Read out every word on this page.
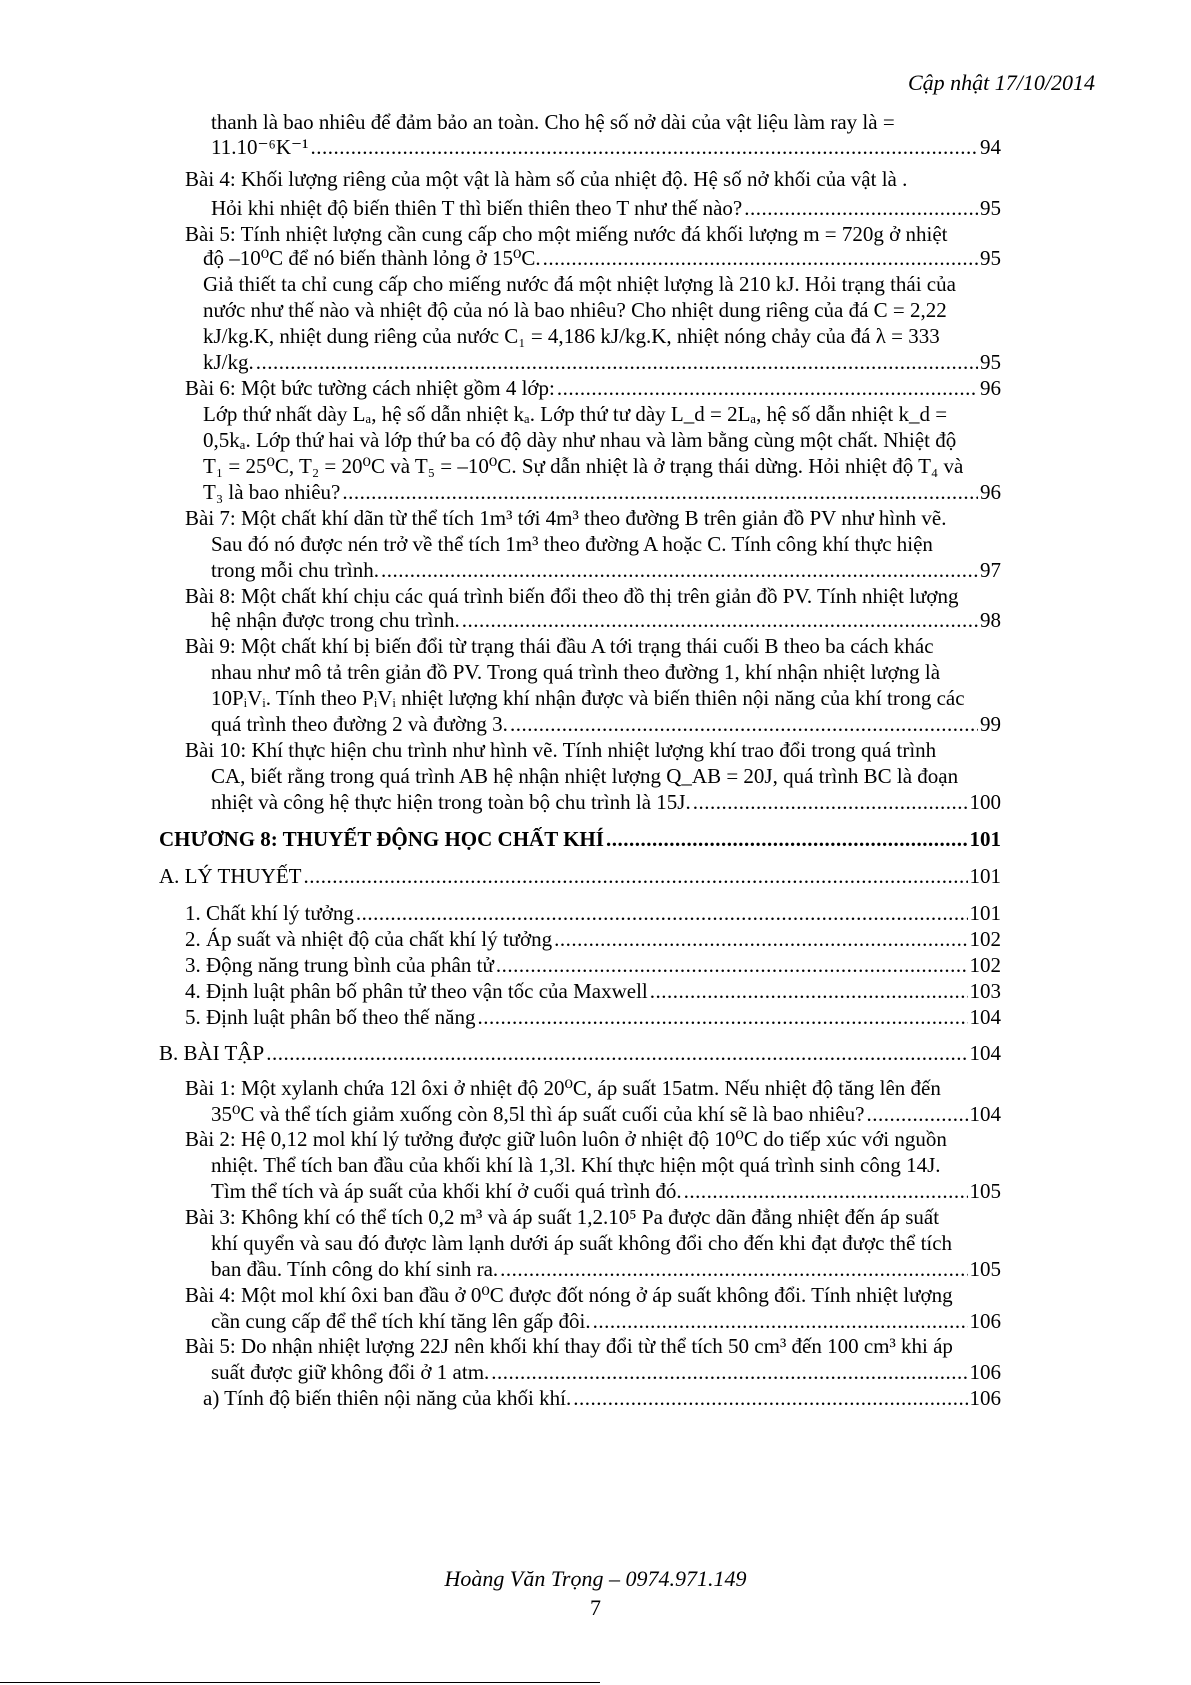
Cập nhật 17/10/2014
thanh là bao nhiêu để đảm bảo an toàn. Cho hệ số nở dài của vật liệu làm ray là =
11.10⁻⁶K⁻¹ .....	94
Bài 4: Khối lượng riêng của một vật là hàm số của nhiệt độ. Hệ số nở khối của vật là .
Hỏi khi nhiệt độ biến thiên T thì biến thiên theo T như thế nào? .....	95
Bài 5: Tính nhiệt lượng cần cung cấp cho một miếng nước đá khối lượng m = 720g ở nhiệt
độ –10⁰C để nó biến thành lỏng ở 15⁰C. .....	95
Giả thiết ta chỉ cung cấp cho miếng nước đá một nhiệt lượng là 210 kJ. Hỏi trạng thái của
nước như thế nào và nhiệt độ của nó là bao nhiêu? Cho nhiệt dung riêng của đá C = 2,22
kJ/kg.K, nhiệt dung riêng của nước C₁ = 4,186 kJ/kg.K, nhiệt nóng chảy của đá λ = 333
kJ/kg. .....	95
Bài 6: Một bức tường cách nhiệt gồm 4 lớp: .....	96
Lớp thứ nhất dày Lₐ, hệ số dẫn nhiệt kₐ. Lớp thứ tư dày L_d = 2Lₐ, hệ số dẫn nhiệt k_d =
0,5kₐ. Lớp thứ hai và lớp thứ ba có độ dày như nhau và làm bằng cùng một chất. Nhiệt độ
T₁ = 25⁰C, T₂ = 20⁰C và T₅ = –10⁰C. Sự dẫn nhiệt là ở trạng thái dừng. Hỏi nhiệt độ T₄ và
T₃ là bao nhiêu? .....	96
Bài 7: Một chất khí dãn từ thể tích 1m³ tới 4m³ theo đường B trên giản đồ PV như hình vẽ.
Sau đó nó được nén trở về thể tích 1m³ theo đường A hoặc C. Tính công khí thực hiện
trong mỗi chu trình. .....	97
Bài 8: Một chất khí chịu các quá trình biến đổi theo đồ thị trên giản đồ PV. Tính nhiệt lượng
hệ nhận được trong chu trình. .....	98
Bài 9: Một chất khí bị biến đổi từ trạng thái đầu A tới trạng thái cuối B theo ba cách khác
nhau như mô tả trên giản đồ PV. Trong quá trình theo đường 1, khí nhận nhiệt lượng là
10PᵢVᵢ. Tính theo PᵢVᵢ nhiệt lượng khí nhận được và biến thiên nội năng của khí trong các
quá trình theo đường 2 và đường 3. .....	99
Bài 10: Khí thực hiện chu trình như hình vẽ. Tính nhiệt lượng khí trao đổi trong quá trình
CA, biết rằng trong quá trình AB hệ nhận nhiệt lượng Q_AB = 20J, quá trình BC là đoạn
nhiệt và công hệ thực hiện trong toàn bộ chu trình là 15J. .....	100
CHƯƠNG 8: THUYẾT ĐỘNG HỌC CHẤT KHÍ .....	101
A. LÝ THUYẾT .....	101
1. Chất khí lý tưởng .....	101
2. Áp suất và nhiệt độ của chất khí lý tưởng .....	102
3. Động năng trung bình của phân tử .....	102
4. Định luật phân bố phân tử theo vận tốc của Maxwell .....	103
5. Định luật phân bố theo thế năng .....	104
B. BÀI TẬP .....	104
Bài 1: Một xylanh chứa 12l ôxi ở nhiệt độ 20⁰C, áp suất 15atm. Nếu nhiệt độ tăng lên đến
35⁰C và thể tích giảm xuống còn 8,5l thì áp suất cuối của khí sẽ là bao nhiêu? .....	104
Bài 2: Hệ 0,12 mol khí lý tưởng được giữ luôn luôn ở nhiệt độ 10⁰C do tiếp xúc với nguồn
nhiệt. Thể tích ban đầu của khối khí là 1,3l. Khí thực hiện một quá trình sinh công 14J.
Tìm thể tích và áp suất của khối khí ở cuối quá trình đó. .....	105
Bài 3: Không khí có thể tích 0,2 m³ và áp suất 1,2.10⁵ Pa được dãn đẳng nhiệt đến áp suất
khí quyển và sau đó được làm lạnh dưới áp suất không đổi cho đến khi đạt được thể tích
ban đầu. Tính công do khí sinh ra. .....	105
Bài 4: Một mol khí ôxi ban đầu ở 0⁰C được đốt nóng ở áp suất không đổi. Tính nhiệt lượng
cần cung cấp để thể tích khí tăng lên gấp đôi. .....	106
Bài 5: Do nhận nhiệt lượng 22J nên khối khí thay đổi từ thể tích 50 cm³ đến 100 cm³ khi áp
suất được giữ không đổi ở 1 atm. .....	106
a) Tính độ biến thiên nội năng của khối khí. .....	106
Hoàng Văn Trọng – 0974.971.149
7
